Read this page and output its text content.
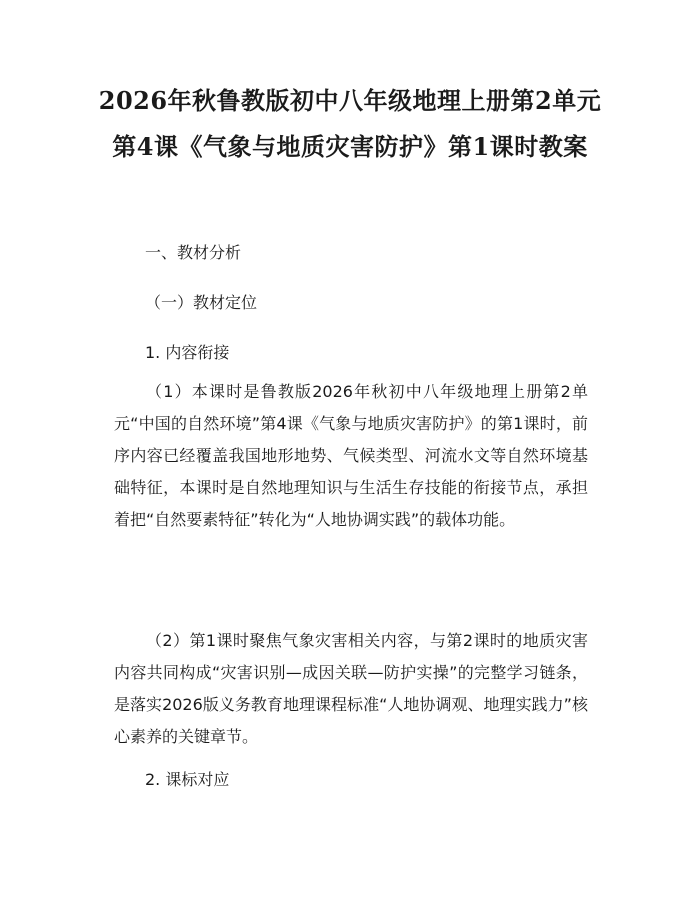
2026年秋鲁教版初中八年级地理上册第2单元第4课《气象与地质灾害防护》第1课时教案

一、教材分析

（一）教材定位

1. 内容衔接

（1）本课时是鲁教版2026年秋初中八年级地理上册第2单元“中国的自然环境”第4课《气象与地质灾害防护》的第1课时，前序内容已经覆盖我国地形地势、气候类型、河流水文等自然环境基础特征，本课时是自然地理知识与生活生存技能的衔接节点，承担着把“自然要素特征”转化为“人地协调实践”的载体功能。

（2）第1课时聚焦气象灾害相关内容，与第2课时的地质灾害内容共同构成“灾害识别—成因关联—防护实操”的完整学习链条，是落实2026版义务教育地理课程标准“人地协调观、地理实践力”核心素养的关键章节。

2. 课标对应
